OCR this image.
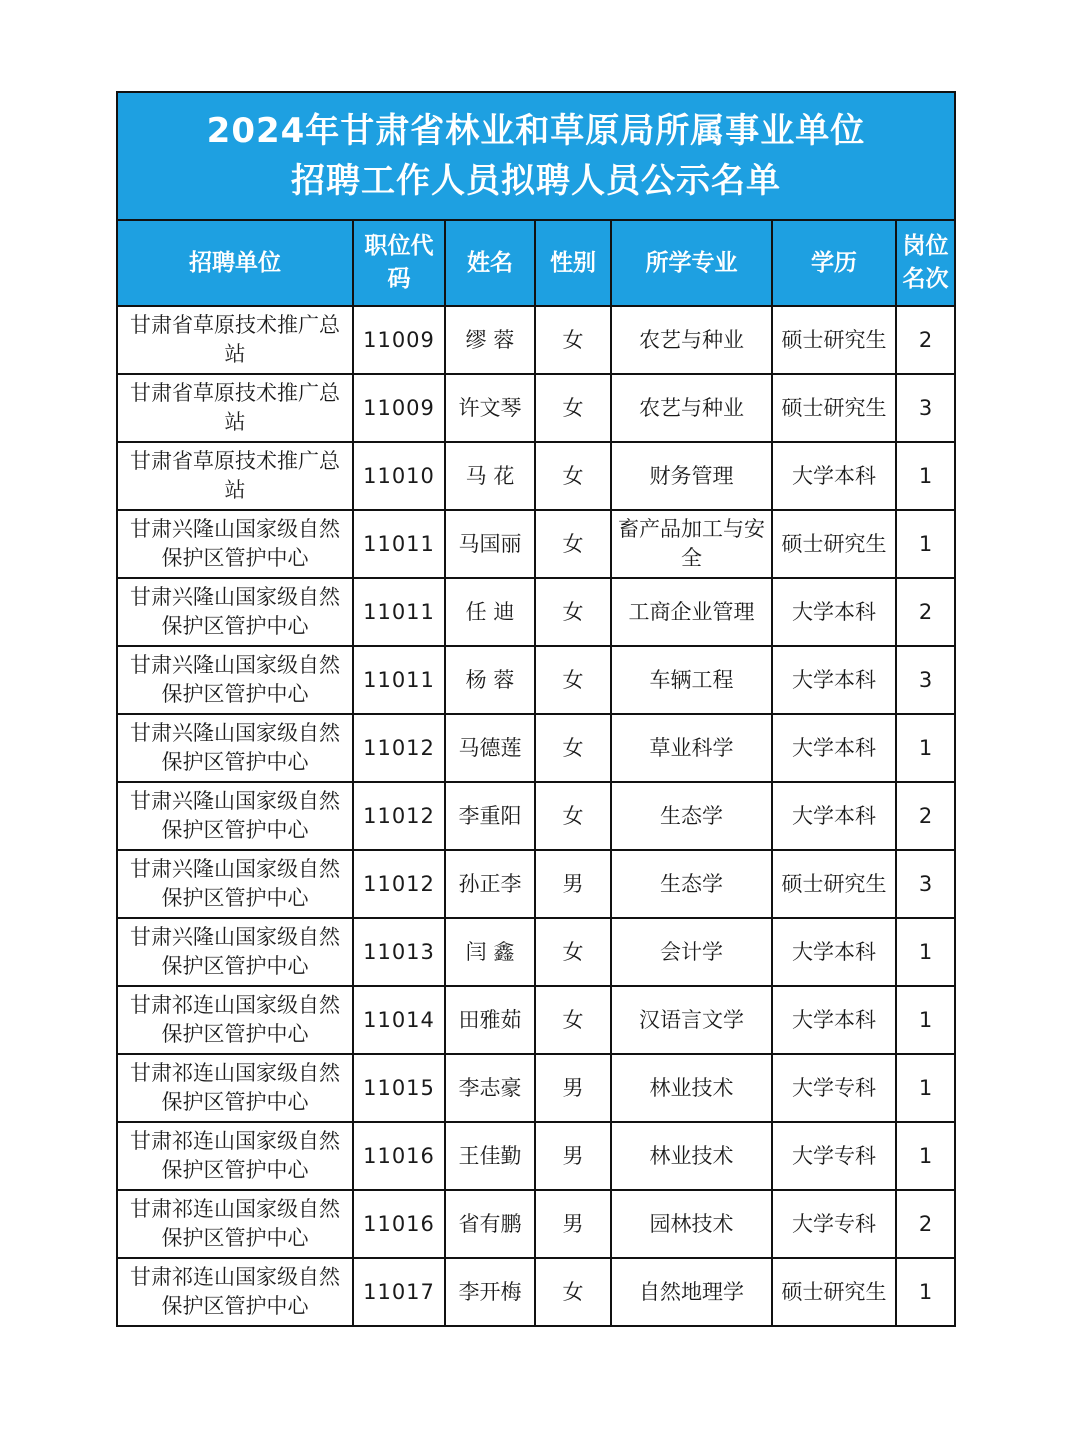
2024年甘肃省林业和草原局所属事业单位
招聘工作人员拟聘人员公示名单
招聘单位	职位代码	姓名	性别	所学专业	学历	岗位名次
甘肃省草原技术推广总站	11009	缪 蓉	女	农艺与种业	硕士研究生	2
甘肃省草原技术推广总站	11009	许文琴	女	农艺与种业	硕士研究生	3
甘肃省草原技术推广总站	11010	马 花	女	财务管理	大学本科	1
甘肃兴隆山国家级自然保护区管护中心	11011	马国丽	女	畜产品加工与安全	硕士研究生	1
甘肃兴隆山国家级自然保护区管护中心	11011	任 迪	女	工商企业管理	大学本科	2
甘肃兴隆山国家级自然保护区管护中心	11011	杨 蓉	女	车辆工程	大学本科	3
甘肃兴隆山国家级自然保护区管护中心	11012	马德莲	女	草业科学	大学本科	1
甘肃兴隆山国家级自然保护区管护中心	11012	李重阳	女	生态学	大学本科	2
甘肃兴隆山国家级自然保护区管护中心	11012	孙正李	男	生态学	硕士研究生	3
甘肃兴隆山国家级自然保护区管护中心	11013	闫 鑫	女	会计学	大学本科	1
甘肃祁连山国家级自然保护区管护中心	11014	田雅茹	女	汉语言文学	大学本科	1
甘肃祁连山国家级自然保护区管护中心	11015	李志豪	男	林业技术	大学专科	1
甘肃祁连山国家级自然保护区管护中心	11016	王佳勤	男	林业技术	大学专科	1
甘肃祁连山国家级自然保护区管护中心	11016	省有鹏	男	园林技术	大学专科	2
甘肃祁连山国家级自然保护区管护中心	11017	李开梅	女	自然地理学	硕士研究生	1
